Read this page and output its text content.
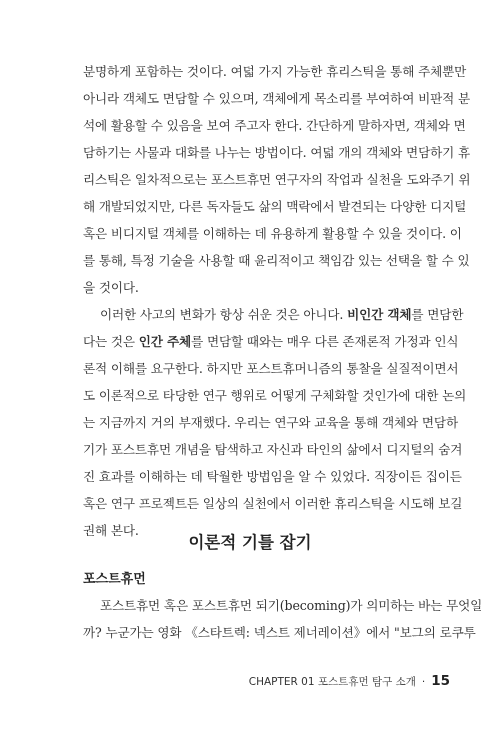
분명하게 포함하는 것이다. 여덟 가지 가능한 휴리스틱을 통해 주체뿐만
아니라 객체도 면담할 수 있으며, 객체에게 목소리를 부여하여 비판적 분
석에 활용할 수 있음을 보여 주고자 한다. 간단하게 말하자면, 객체와 면
담하기는 사물과 대화를 나누는 방법이다. 여덟 개의 객체와 면담하기 휴
리스틱은 일차적으로는 포스트휴먼 연구자의 작업과 실천을 도와주기 위
해 개발되었지만, 다른 독자들도 삶의 맥락에서 발견되는 다양한 디지털
혹은 비디지털 객체를 이해하는 데 유용하게 활용할 수 있을 것이다. 이
를 통해, 특정 기술을 사용할 때 윤리적이고 책임감 있는 선택을 할 수 있
을 것이다.
이러한 사고의 변화가 항상 쉬운 것은 아니다. 비인간 객체를 면담한
다는 것은 인간 주체를 면담할 때와는 매우 다른 존재론적 가정과 인식
론적 이해를 요구한다. 하지만 포스트휴머니즘의 통찰을 실질적이면서
도 이론적으로 타당한 연구 행위로 어떻게 구체화할 것인가에 대한 논의
는 지금까지 거의 부재했다. 우리는 연구와 교육을 통해 객체와 면담하
기가 포스트휴먼 개념을 탐색하고 자신과 타인의 삶에서 디지털의 숨겨
진 효과를 이해하는 데 탁월한 방법임을 알 수 있었다. 직장이든 집이든
혹은 연구 프로젝트든 일상의 실천에서 이러한 휴리스틱을 시도해 보길
권해 본다.
이론적 기틀 잡기
포스트휴먼
포스트휴먼 혹은 포스트휴먼 되기(becoming)가 의미하는 바는 무엇일
까? 누군가는 영화 《스타트렉: 넥스트 제너레이션》에서 "보그의 로쿠투
CHAPTER 01 포스트휴먼 탐구 소개 · 15
